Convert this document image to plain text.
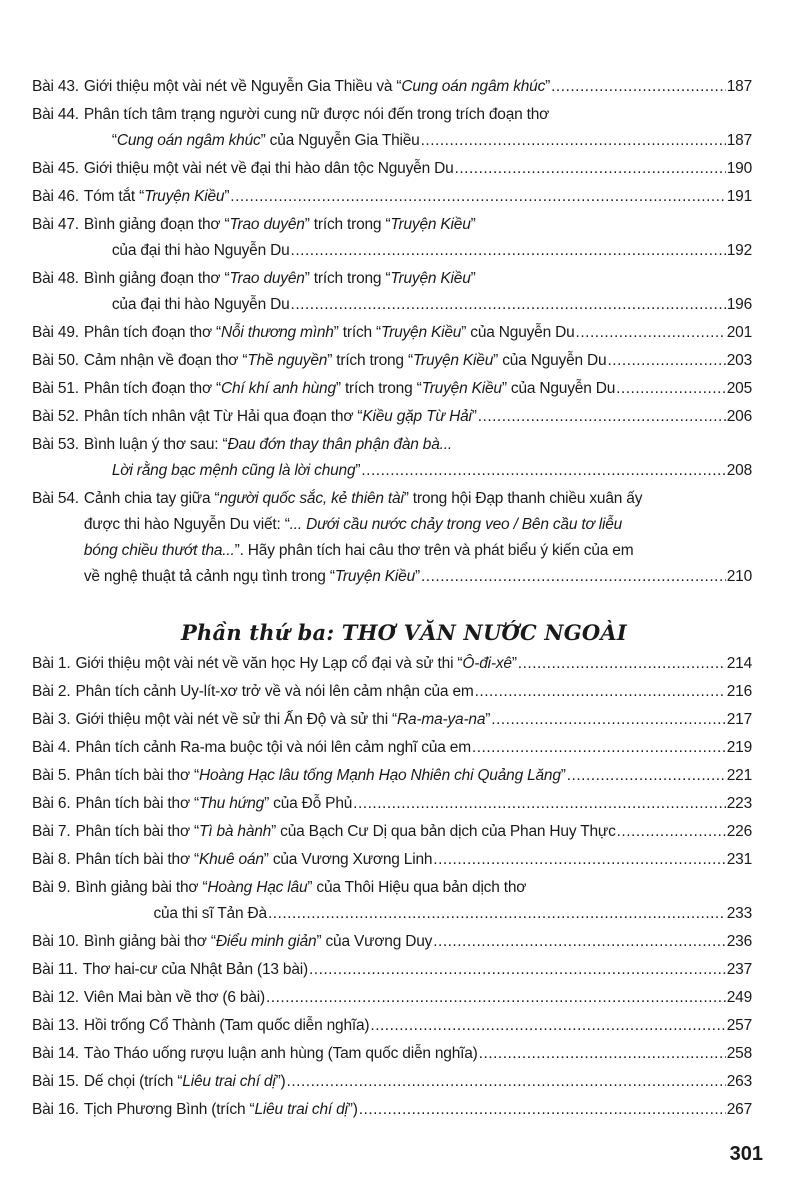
Bài 43. Giới thiệu một vài nét về Nguyễn Gia Thiều và “Cung oán ngâm khúc” .....	187
Bài 44. Phân tích tâm trạng người cung nữ được nói đến trong trích đoạn thơ
“Cung oán ngâm khúc” của Nguyễn Gia Thiều .....	187
Bài 45. Giới thiệu một vài nét về đại thi hào dân tộc Nguyễn Du .....	190
Bài 46. Tóm tắt “Truyện Kiều” .....	191
Bài 47. Bình giảng đoạn thơ “Trao duyên” trích trong “Truyện Kiều”
của đại thi hào Nguyễn Du .....	192
Bài 48. Bình giảng đoạn thơ “Trao duyên” trích trong “Truyện Kiều”
của đại thi hào Nguyễn Du .....	196
Bài 49. Phân tích đoạn thơ “Nỗi thương mình” trích “Truyện Kiều” của Nguyễn Du .....	201
Bài 50. Cảm nhận về đoạn thơ “Thề nguyền” trích trong “Truyện Kiều” của Nguyễn Du .....	203
Bài 51. Phân tích đoạn thơ “Chí khí anh hùng” trích trong “Truyện Kiều” của Nguyễn Du .....	205
Bài 52. Phân tích nhân vật Từ Hải qua đoạn thơ “Kiều gặp Từ Hải” .....	206
Bài 53. Bình luận ý thơ sau: “Đau đớn thay thân phận đàn bà...
Lời rằng bạc mệnh cũng là lời chung” .....	208
Bài 54. Cảnh chia tay giữa “người quốc sắc, kẻ thiên tài” trong hội Đạp thanh chiều xuân ấy
được thi hào Nguyễn Du viết: “... Dưới cầu nước chảy trong veo / Bên cầu tơ liễu
bóng chiều thướt tha...”. Hãy phân tích hai câu thơ trên và phát biểu ý kiến của em
về nghệ thuật tả cảnh ngụ tình trong “Truyện Kiều” .....	210
Phần thứ ba: THƠ VĂN NƯỚC NGOÀI
Bài 1. Giới thiệu một vài nét về văn học Hy Lạp cổ đại và sử thi “Ô-đi-xê” .....	214
Bài 2. Phân tích cảnh Uy-lít-xơ trở về và nói lên cảm nhận của em .....	216
Bài 3. Giới thiệu một vài nét về sử thi Ấn Độ và sử thi “Ra-ma-ya-na” .....	217
Bài 4. Phân tích cảnh Ra-ma buộc tội và nói lên cảm nghĩ của em .....	219
Bài 5. Phân tích bài thơ “Hoàng Hạc lâu tống Mạnh Hạo Nhiên chi Quảng Lăng” .....	221
Bài 6. Phân tích bài thơ “Thu hứng” của Đỗ Phủ .....	223
Bài 7. Phân tích bài thơ “Tì bà hành” của Bạch Cư Dị qua bản dịch của Phan Huy Thực .....	226
Bài 8. Phân tích bài thơ “Khuê oán” của Vương Xương Linh .....	231
Bài 9. Bình giảng bài thơ “Hoàng Hạc lâu” của Thôi Hiệu qua bản dịch thơ
của thi sĩ Tản Đà .....	233
Bài 10. Bình giảng bài thơ “Điểu minh giản” của Vương Duy .....	236
Bài 11. Thơ hai-cư của Nhật Bản (13 bài) .....	237
Bài 12. Viên Mai bàn về thơ (6 bài) .....	249
Bài 13. Hồi trống Cổ Thành (Tam quốc diễn nghĩa) .....	257
Bài 14. Tào Tháo uống rượu luận anh hùng (Tam quốc diễn nghĩa) .....	258
Bài 15. Dế chọi (trích “Liêu trai chí dị”) .....	263
Bài 16. Tịch Phương Bình (trích “Liêu trai chí dị”) .....	267
301
